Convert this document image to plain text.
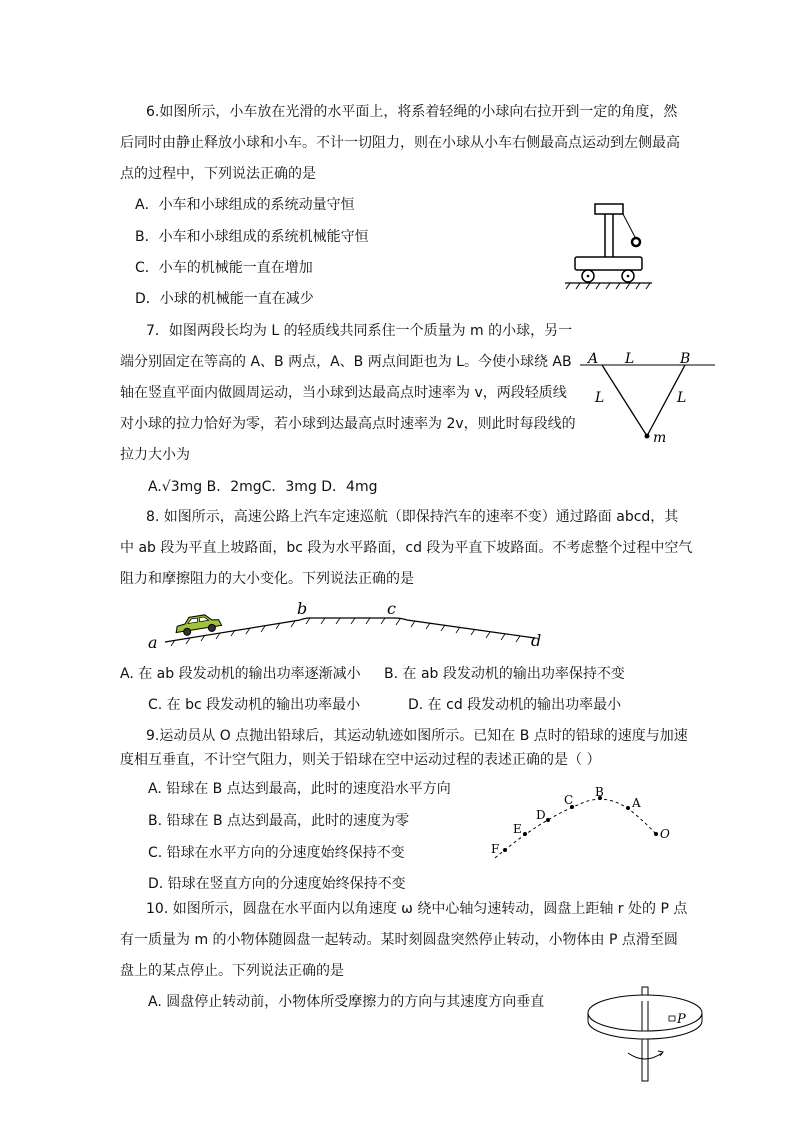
6.如图所示，小车放在光滑的水平面上，将系着轻绳的小球向右拉开到一定的角度，然
后同时由静止释放小球和小车。不计一切阻力，则在小球从小车右侧最高点运动到左侧最高
点的过程中，下列说法正确的是
A．小车和小球组成的系统动量守恒
B．小车和小球组成的系统机械能守恒
C．小车的机械能一直在增加
D．小球的机械能一直在减少
7．如图两段长均为 L 的轻质线共同系住一个质量为 m 的小球，另一
端分别固定在等高的 A、B 两点，A、B 两点间距也为 L。今使小球绕 AB
轴在竖直平面内做圆周运动，当小球到达最高点时速率为 v，两段轻质线
对小球的拉力恰好为零，若小球到达最高点时速率为 2v，则此时每段线的
拉力大小为
A.√3mg B．2mgC．3mg D．4mg
A L	B
L	L
m
8. 如图所示，高速公路上汽车定速巡航（即保持汽车的速率不变）通过路面 abcd，其
中 ab 段为平直上坡路面，bc 段为水平路面，cd 段为平直下坡路面。不考虑整个过程中空气
阻力和摩擦阻力的大小变化。下列说法正确的是
a
b	c
d
A. 在 ab 段发动机的输出功率逐渐减小 B. 在 ab 段发动机的输出功率保持不变
C. 在 bc 段发动机的输出功率最小	D. 在 cd 段发动机的输出功率最小
9.运动员从 O 点抛出铅球后，其运动轨迹如图所示。已知在 B 点时的铅球的速度与加速
度相互垂直，不计空气阻力，则关于铅球在空中运动过程的表述正确的是（ ）
A. 铅球在 B 点达到最高，此时的速度沿水平方向
B. 铅球在 B 点达到最高，此时的速度为零
C. 铅球在水平方向的分速度始终保持不变
D. 铅球在竖直方向的分速度始终保持不变
F
E
D
C
B
A
O
10. 如图所示，圆盘在水平面内以角速度 ω 绕中心轴匀速转动，圆盘上距轴 r 处的 P 点
有一质量为 m 的小物体随圆盘一起转动。某时刻圆盘突然停止转动，小物体由 P 点滑至圆
盘上的某点停止。下列说法正确的是
A. 圆盘停止转动前，小物体所受摩擦力的方向与其速度方向垂直
P
